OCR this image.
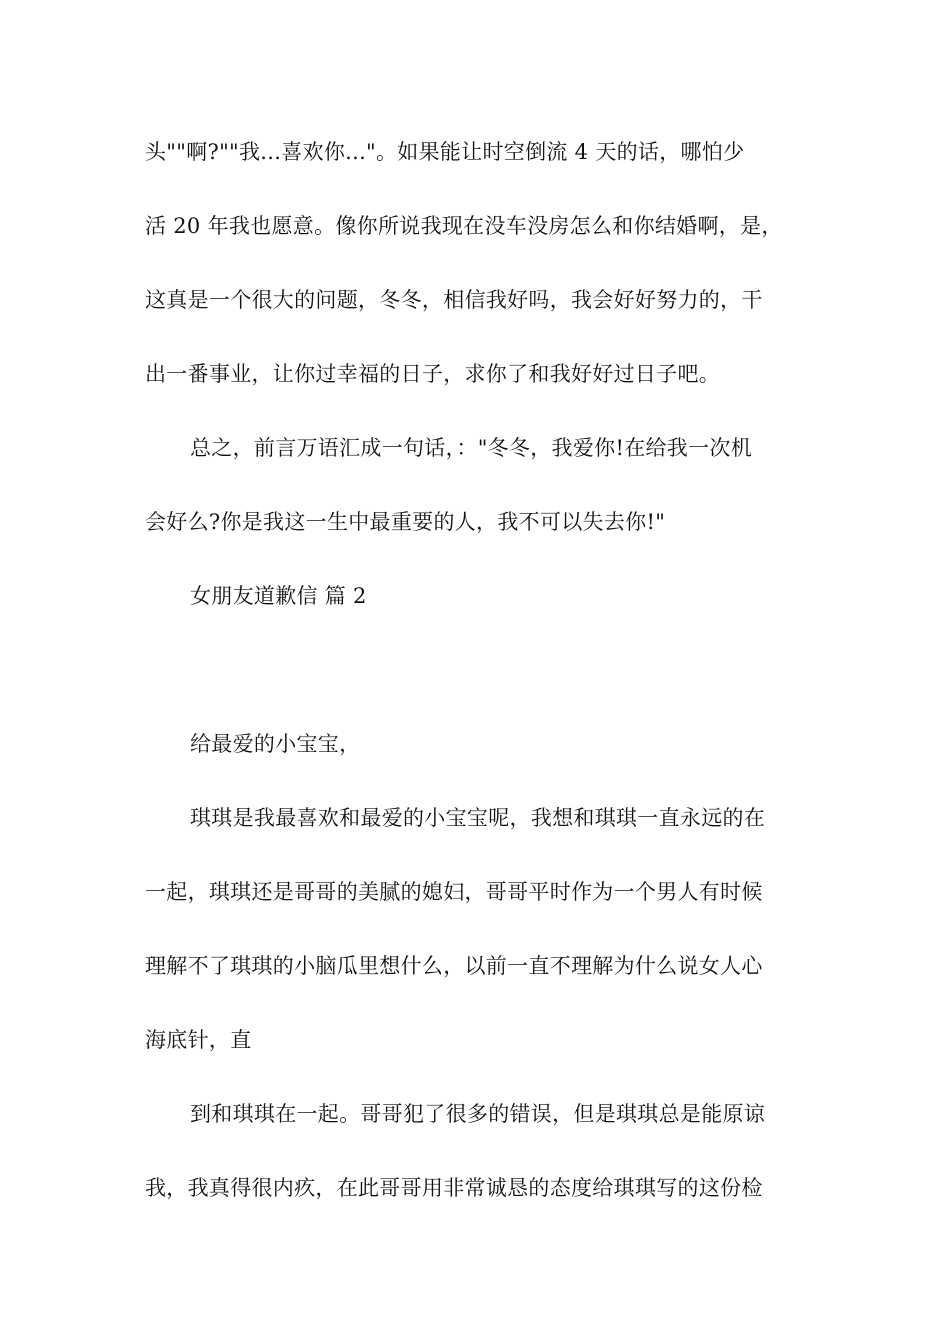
头""啊?""我...喜欢你..."。如果能让时空倒流 4 天的话，哪怕少
活 20 年我也愿意。像你所说我现在没车没房怎么和你结婚啊，是，
这真是一个很大的问题，冬冬，相信我好吗，我会好好努力的，干
出一番事业，让你过幸福的日子，求你了和我好好过日子吧。
总之，前言万语汇成一句话，："冬冬，我爱你!在给我一次机
会好么?你是我这一生中最重要的人，我不可以失去你!"
女朋友道歉信 篇 2
给最爱的小宝宝，
琪琪是我最喜欢和最爱的小宝宝呢，我想和琪琪一直永远的在
一起，琪琪还是哥哥的美腻的媳妇，哥哥平时作为一个男人有时候
理解不了琪琪的小脑瓜里想什么，以前一直不理解为什么说女人心
海底针，直
到和琪琪在一起。哥哥犯了很多的错误，但是琪琪总是能原谅
我，我真得很内疚，在此哥哥用非常诚恳的态度给琪琪写的这份检
